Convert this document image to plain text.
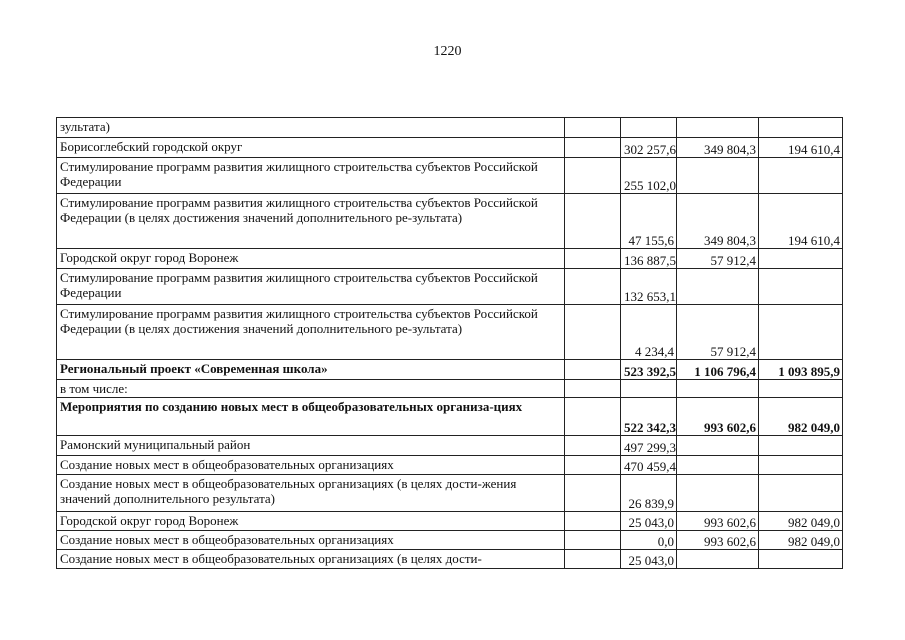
1220
зультата)				
Борисоглебский городской округ		302 257,6	349 804,3	194 610,4
Стимулирование программ развития жилищного строительства субъектов Российской Федерации		255 102,0		
Стимулирование программ развития жилищного строительства субъектов Российской Федерации (в целях достижения значений дополнительного ре-зультата)		47 155,6	349 804,3	194 610,4
Городской округ город Воронеж		136 887,5	57 912,4	
Стимулирование программ развития жилищного строительства субъектов Российской Федерации		132 653,1		
Стимулирование программ развития жилищного строительства субъектов Российской Федерации (в целях достижения значений дополнительного ре-зультата)		4 234,4	57 912,4	
Региональный проект «Современная школа»		523 392,5	1 106 796,4	1 093 895,9
в том числе:				
Мероприятия по созданию новых мест в общеобразовательных организа-циях		522 342,3	993 602,6	982 049,0
Рамонский муниципальный район		497 299,3		
Создание новых мест в общеобразовательных организациях		470 459,4		
Создание новых мест в общеобразовательных организациях (в целях дости-жения значений дополнительного результата)		26 839,9		
Городской округ город Воронеж		25 043,0	993 602,6	982 049,0
Создание новых мест в общеобразовательных организациях		0,0	993 602,6	982 049,0
Создание новых мест в общеобразовательных организациях (в целях дости-		25 043,0		
